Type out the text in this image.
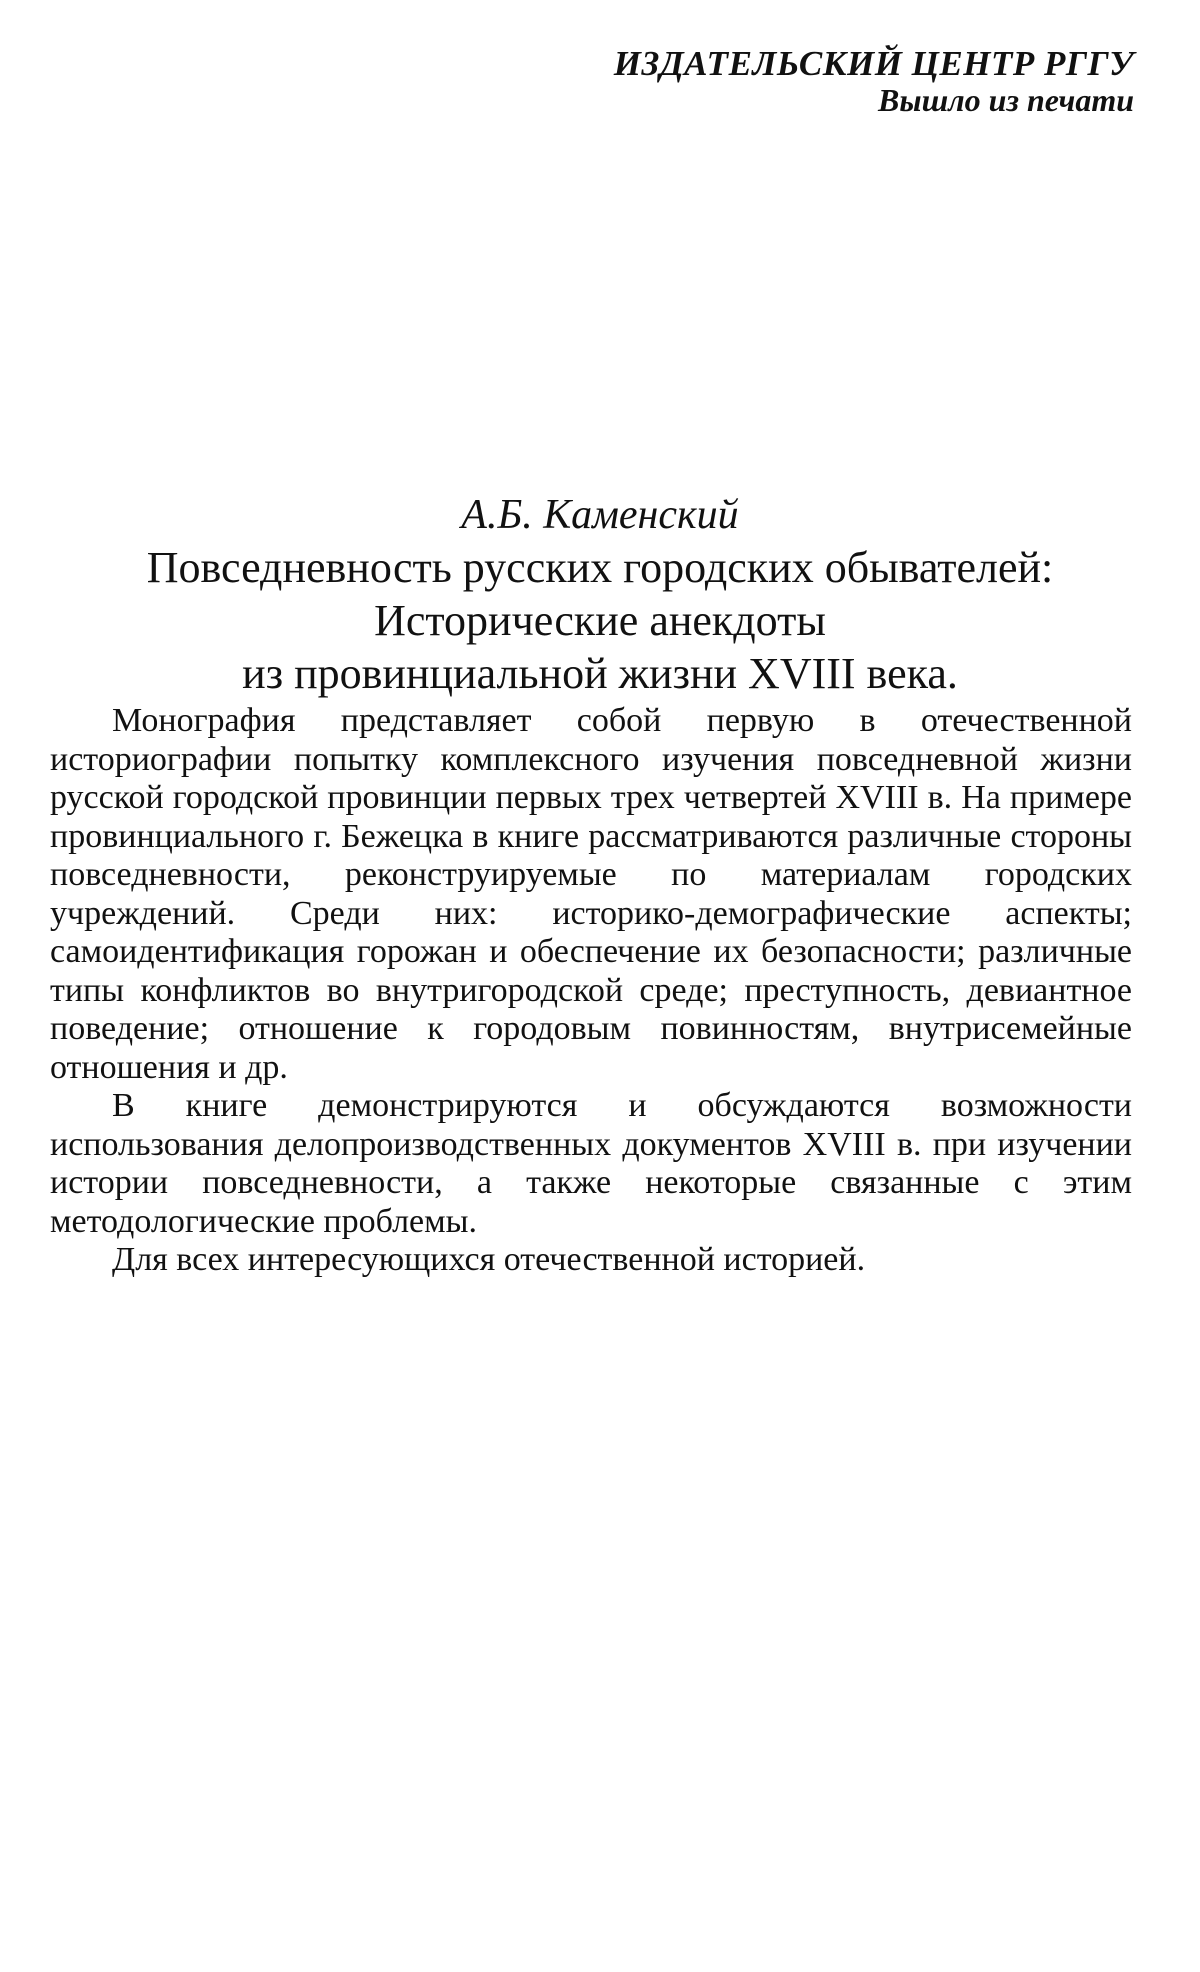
ИЗДАТЕЛЬСКИЙ ЦЕНТР РГГУ
Вышло из печати
А.Б. Каменский
Повседневность русских городских обывателей:
Исторические анекдоты
из провинциальной жизни XVIII века.

Монография представляет собой первую в отечественной историографии попытку комплексного изучения повседневной жизни русской городской провинции первых трех четвертей XVIII в. На примере провинциального г. Бежецка в книге рассматриваются различные стороны повседневности, реконструируемые по материалам городских учреждений. Среди них: историко-демографические аспекты; самоидентификация горожан и обеспечение их безопасности; различные типы конфликтов во внутригородской среде; преступность, девиантное поведение; отношение к городовым повинностям, внутрисемейные отношения и др.

В книге демонстрируются и обсуждаются возможности использования делопроизводственных документов XVIII в. при изучении истории повседневности, а также некоторые связанные с этим методологические проблемы.

Для всех интересующихся отечественной историей.
